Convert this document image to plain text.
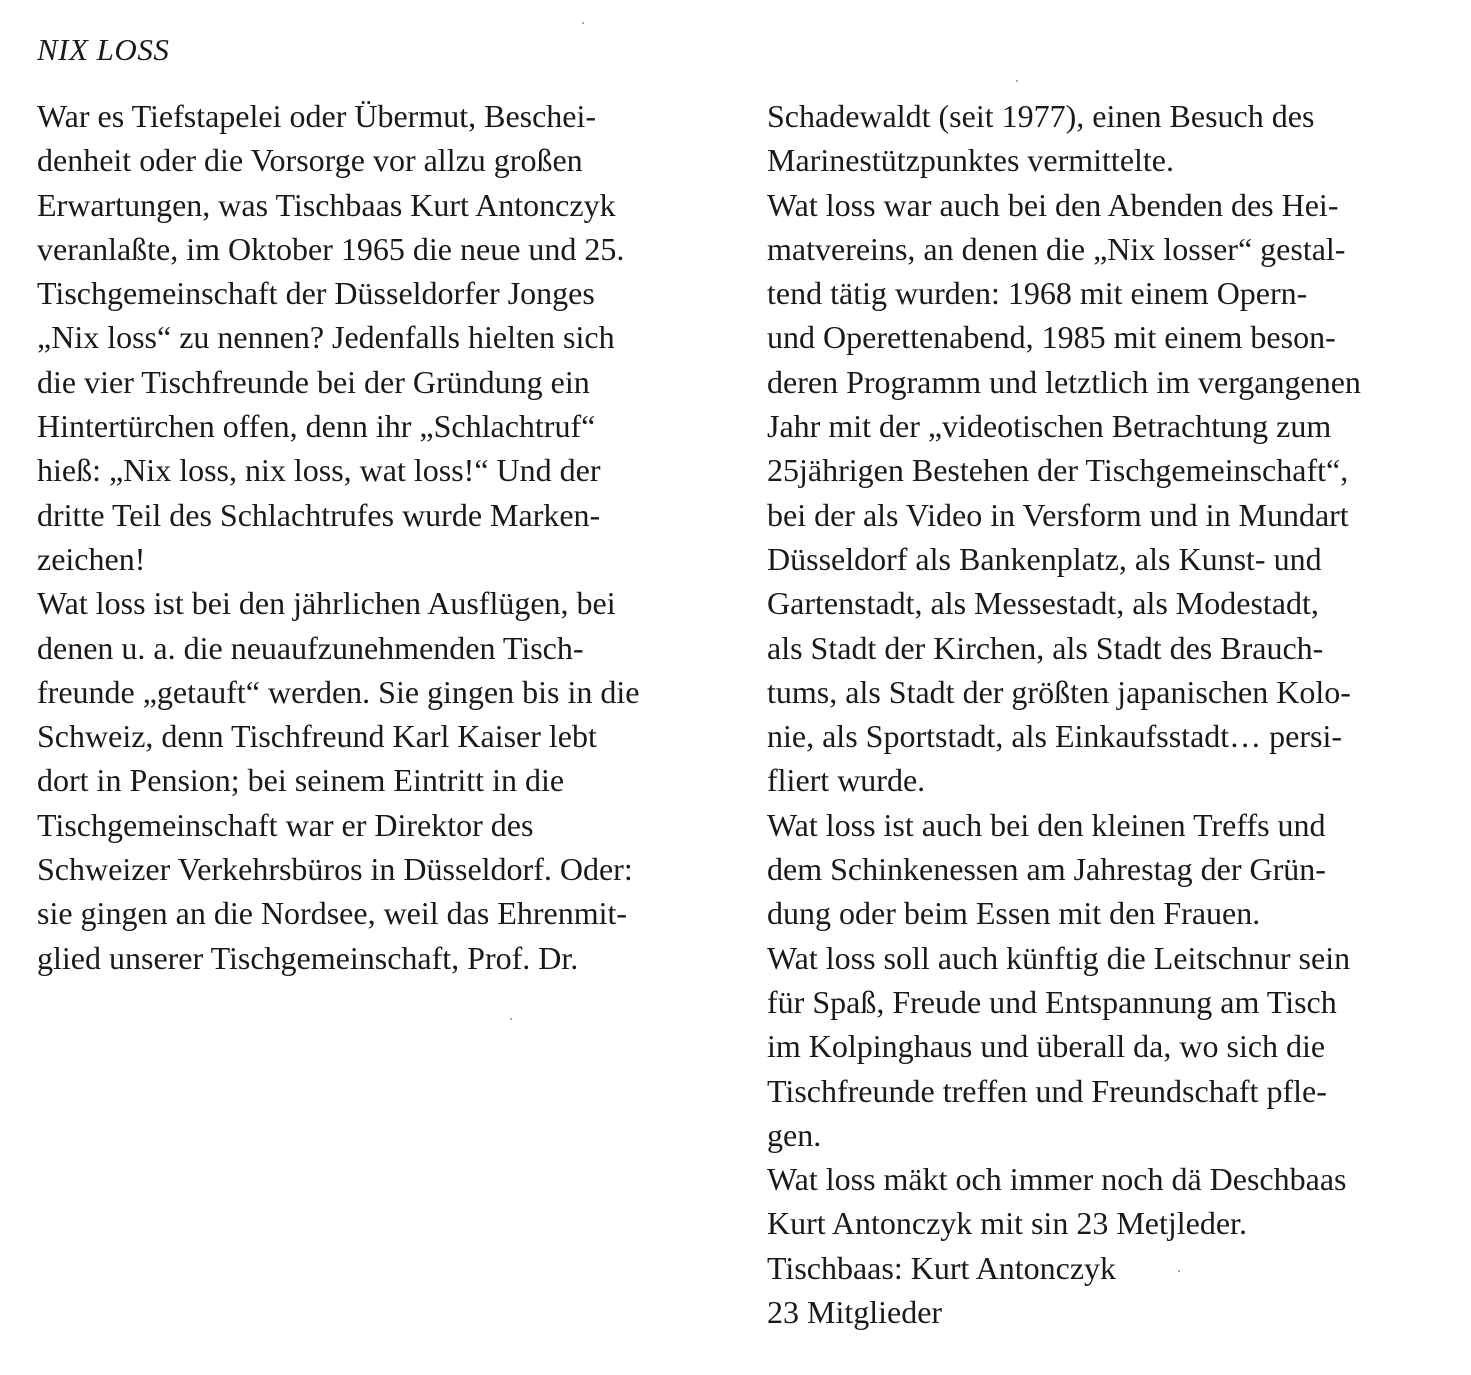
NIX LOSS
War es Tiefstapelei oder Übermut, Beschei-
denheit oder die Vorsorge vor allzu großen
Erwartungen, was Tischbaas Kurt Antonczyk
veranlaßte, im Oktober 1965 die neue und 25.
Tischgemeinschaft der Düsseldorfer Jonges
„Nix loss“ zu nennen? Jedenfalls hielten sich
die vier Tischfreunde bei der Gründung ein
Hintertürchen offen, denn ihr „Schlachtruf“
hieß: „Nix loss, nix loss, wat loss!“ Und der
dritte Teil des Schlachtrufes wurde Marken-
zeichen!
Wat loss ist bei den jährlichen Ausflügen, bei
denen u. a. die neuaufzunehmenden Tisch-
freunde „getauft“ werden. Sie gingen bis in die
Schweiz, denn Tischfreund Karl Kaiser lebt
dort in Pension; bei seinem Eintritt in die
Tischgemeinschaft war er Direktor des
Schweizer Verkehrsbüros in Düsseldorf. Oder:
sie gingen an die Nordsee, weil das Ehrenmit-
glied unserer Tischgemeinschaft, Prof. Dr.
Schadewaldt (seit 1977), einen Besuch des
Marinestützpunktes vermittelte.
Wat loss war auch bei den Abenden des Hei-
matvereins, an denen die „Nix losser“ gestal-
tend tätig wurden: 1968 mit einem Opern-
und Operettenabend, 1985 mit einem beson-
deren Programm und letztlich im vergangenen
Jahr mit der „videotischen Betrachtung zum
25jährigen Bestehen der Tischgemeinschaft“,
bei der als Video in Versform und in Mundart
Düsseldorf als Bankenplatz, als Kunst- und
Gartenstadt, als Messestadt, als Modestadt,
als Stadt der Kirchen, als Stadt des Brauch-
tums, als Stadt der größten japanischen Kolo-
nie, als Sportstadt, als Einkaufsstadt… persi-
fliert wurde.
Wat loss ist auch bei den kleinen Treffs und
dem Schinkenessen am Jahrestag der Grün-
dung oder beim Essen mit den Frauen.
Wat loss soll auch künftig die Leitschnur sein
für Spaß, Freude und Entspannung am Tisch
im Kolpinghaus und überall da, wo sich die
Tischfreunde treffen und Freundschaft pfle-
gen.
Wat loss mäkt och immer noch dä Deschbaas
Kurt Antonczyk mit sin 23 Metjleder.
Tischbaas: Kurt Antonczyk
23 Mitglieder
